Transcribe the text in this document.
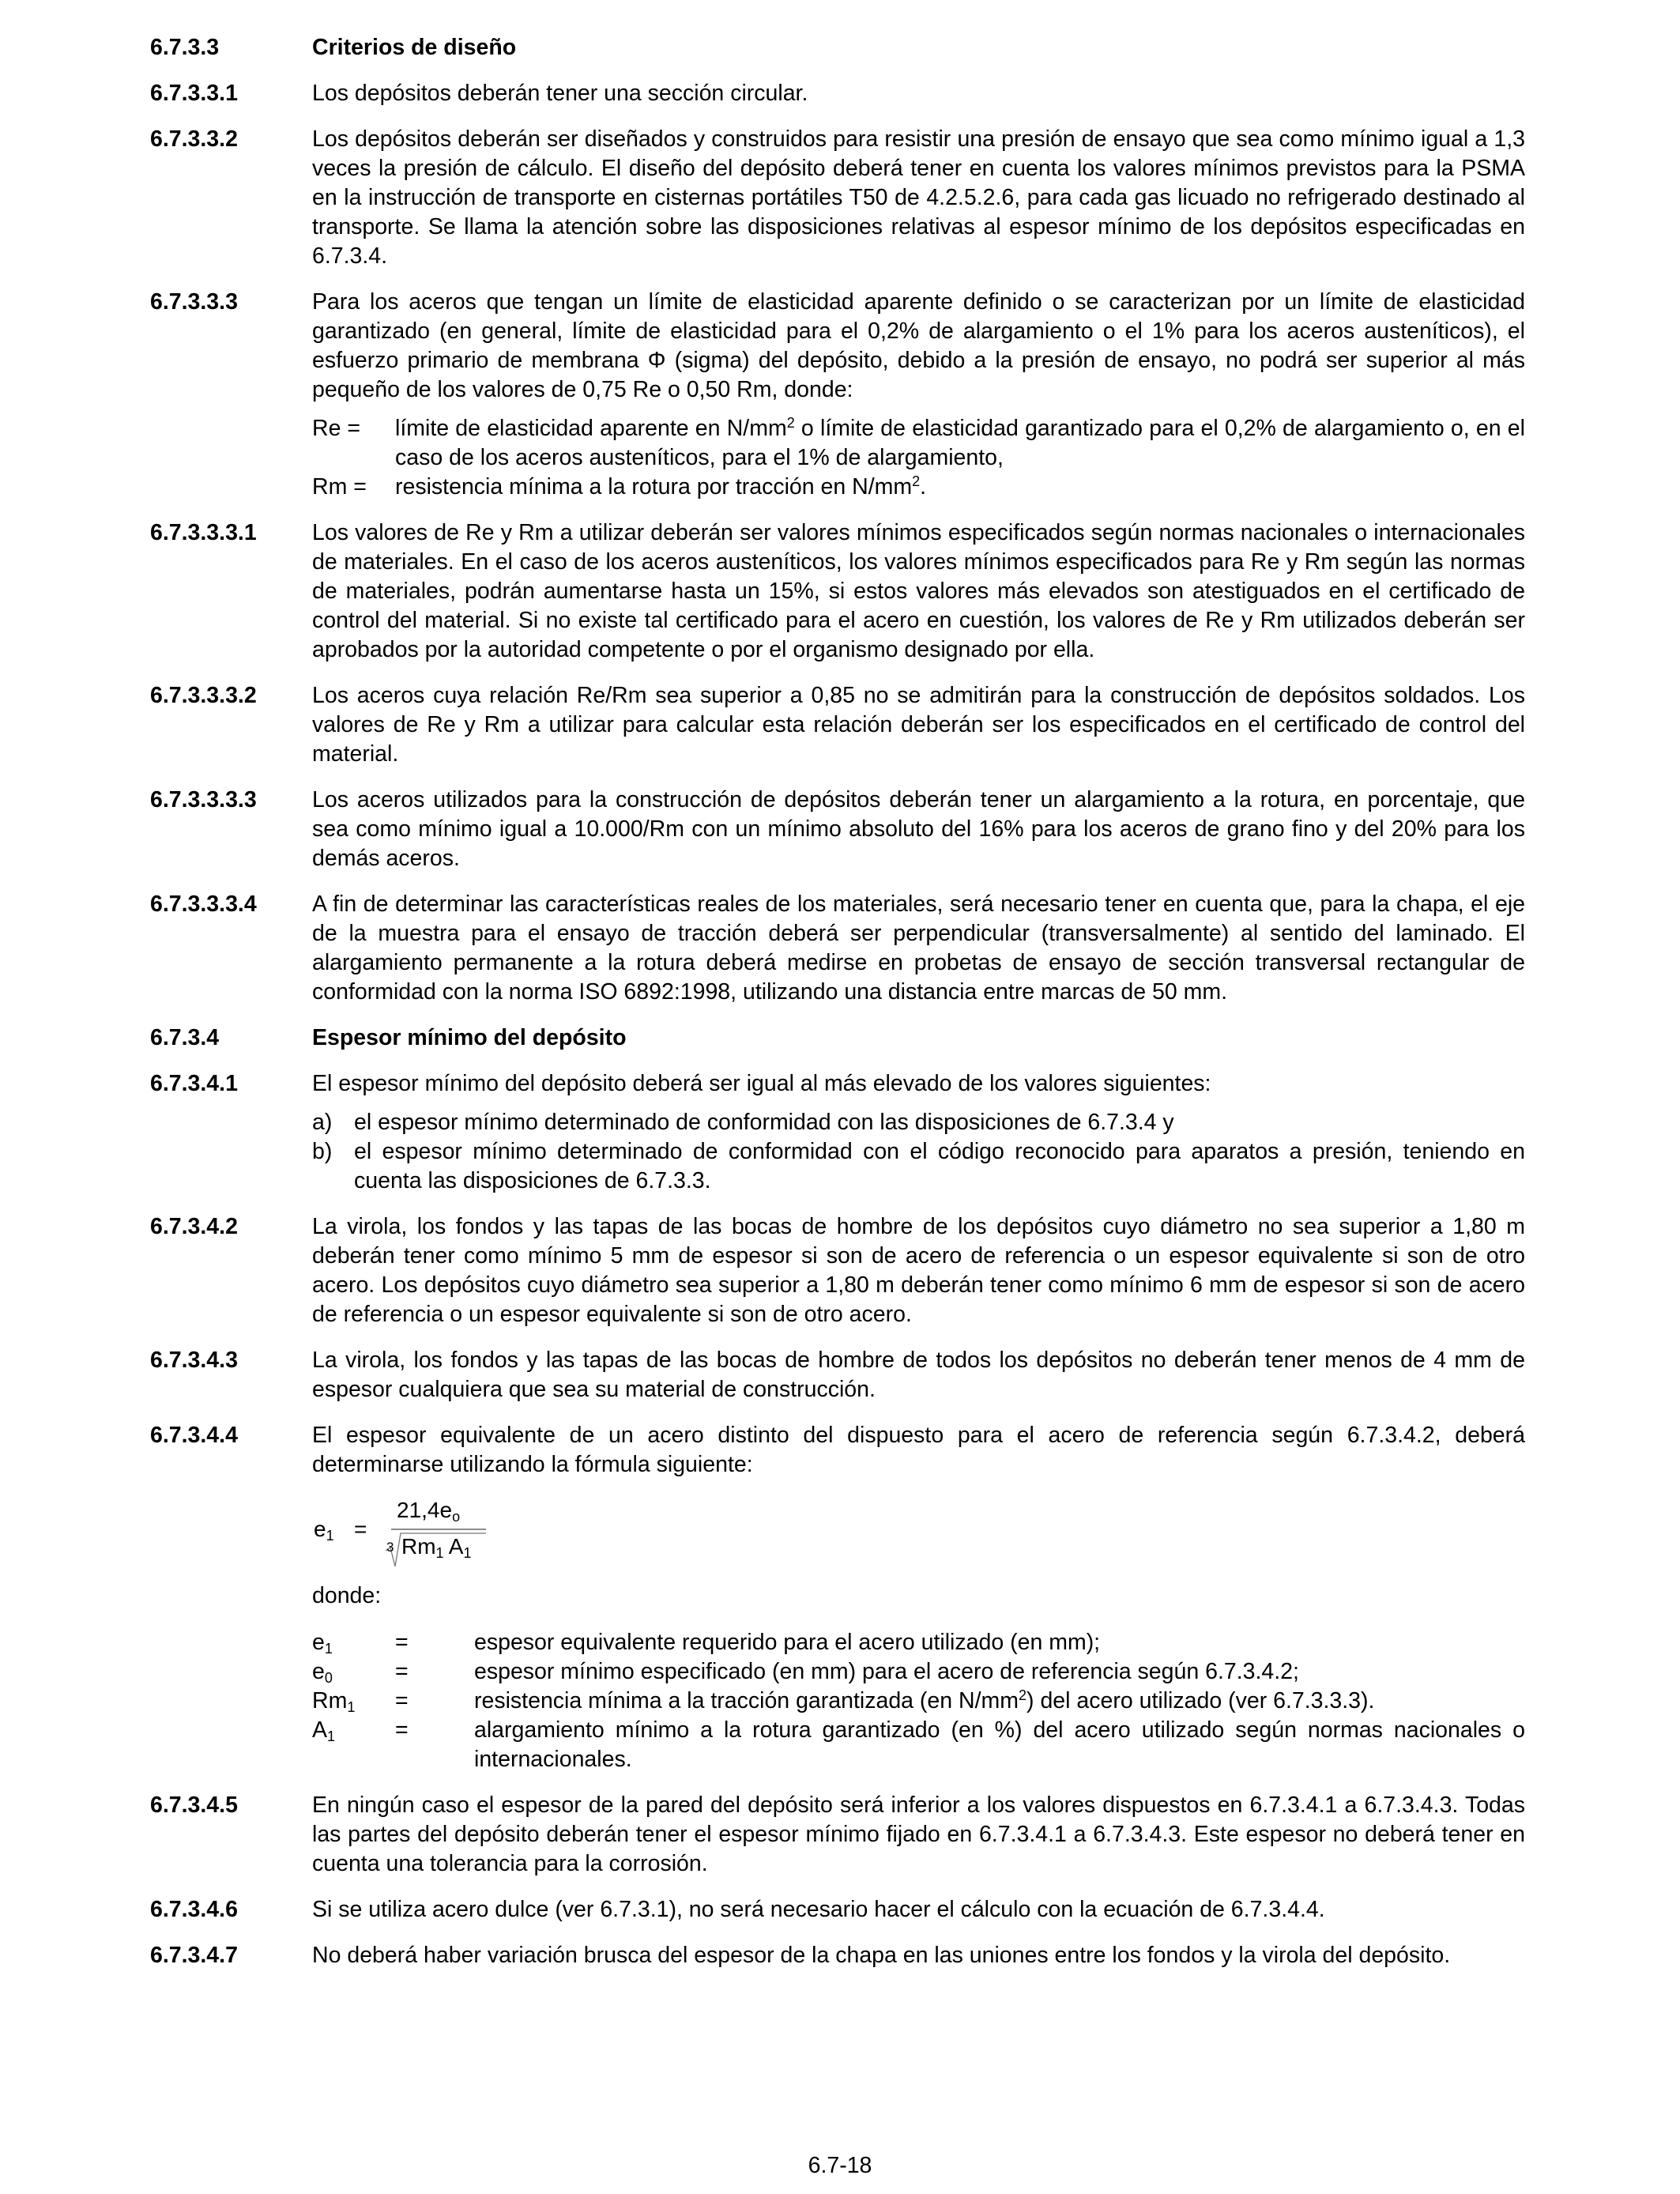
6.7.3.3	Criterios de diseño
6.7.3.3.1	Los depósitos deberán tener una sección circular.
6.7.3.3.2	Los depósitos deberán ser diseñados y construidos para resistir una presión de ensayo que sea como mínimo igual a 1,3 veces la presión de cálculo. El diseño del depósito deberá tener en cuenta los valores mínimos previstos para la PSMA en la instrucción de transporte en cisternas portátiles T50 de 4.2.5.2.6, para cada gas licuado no refrigerado destinado al transporte. Se llama la atención sobre las disposiciones relativas al espesor mínimo de los depósitos especificadas en 6.7.3.4.
6.7.3.3.3	Para los aceros que tengan un límite de elasticidad aparente definido o se caracterizan por un límite de elasticidad garantizado (en general, límite de elasticidad para el 0,2% de alargamiento o el 1% para los aceros austeníticos), el esfuerzo primario de membrana Φ (sigma) del depósito, debido a la presión de ensayo, no podrá ser superior al más pequeño de los valores de 0,75 Re o 0,50 Rm, donde:

Re =	límite de elasticidad aparente en $N/mm^2$ o límite de elasticidad garantizado para el 0,2% de alargamiento o, en el caso de los aceros austeníticos, para el 1% de alargamiento,
Rm =	resistencia mínima a la rotura por tracción en $N/mm^2$.
6.7.3.3.3.1	Los valores de Re y Rm a utilizar deberán ser valores mínimos especificados según normas nacionales o internacionales de materiales. En el caso de los aceros austeníticos, los valores mínimos especificados para Re y Rm según las normas de materiales, podrán aumentarse hasta un 15%, si estos valores más elevados son atestiguados en el certificado de control del material. Si no existe tal certificado para el acero en cuestión, los valores de Re y Rm utilizados deberán ser aprobados por la autoridad competente o por el organismo designado por ella.
6.7.3.3.3.2	Los aceros cuya relación Re/Rm sea superior a 0,85 no se admitirán para la construcción de depósitos soldados. Los valores de Re y Rm a utilizar para calcular esta relación deberán ser los especificados en el certificado de control del material.
6.7.3.3.3.3	Los aceros utilizados para la construcción de depósitos deberán tener un alargamiento a la rotura, en porcentaje, que sea como mínimo igual a 10.000/Rm con un mínimo absoluto del 16% para los aceros de grano fino y del 20% para los demás aceros.
6.7.3.3.3.4	A fin de determinar las características reales de los materiales, será necesario tener en cuenta que, para la chapa, el eje de la muestra para el ensayo de tracción deberá ser perpendicular (transversalmente) al sentido del laminado. El alargamiento permanente a la rotura deberá medirse en probetas de ensayo de sección transversal rectangular de conformidad con la norma ISO 6892:1998, utilizando una distancia entre marcas de 50 mm.
6.7.3.4	Espesor mínimo del depósito
6.7.3.4.1	El espesor mínimo del depósito deberá ser igual al más elevado de los valores siguientes:

a) el espesor mínimo determinado de conformidad con las disposiciones de 6.7.3.4 y
b) el espesor mínimo determinado de conformidad con el código reconocido para aparatos a presión, teniendo en cuenta las disposiciones de 6.7.3.3.
6.7.3.4.2	La virola, los fondos y las tapas de las bocas de hombre de los depósitos cuyo diámetro no sea superior a 1,80 m deberán tener como mínimo 5 mm de espesor si son de acero de referencia o un espesor equivalente si son de otro acero. Los depósitos cuyo diámetro sea superior a 1,80 m deberán tener como mínimo 6 mm de espesor si son de acero de referencia o un espesor equivalente si son de otro acero.
6.7.3.4.3	La virola, los fondos y las tapas de las bocas de hombre de todos los depósitos no deberán tener menos de 4 mm de espesor cualquiera que sea su material de construcción.
6.7.3.4.4	El espesor equivalente de un acero distinto del dispuesto para el acero de referencia según 6.7.3.4.2, deberá determinarse utilizando la fórmula siguiente:

$e_1$ =
$21,4e_o$
3 $Rm_1$ $A_1$
donde:
$e_1$	=	espesor equivalente requerido para el acero utilizado (en mm);
$e_0$	=	espesor mínimo especificado (en mm) para el acero de referencia según 6.7.3.4.2;
$Rm_1$	=	resistencia mínima a la tracción garantizada (en $N/mm^2$) del acero utilizado (ver 6.7.3.3.3).
$A_1$	=	alargamiento mínimo a la rotura garantizado (en %) del acero utilizado según normas nacionales o internacionales.
6.7.3.4.5	En ningún caso el espesor de la pared del depósito será inferior a los valores dispuestos en 6.7.3.4.1 a 6.7.3.4.3. Todas las partes del depósito deberán tener el espesor mínimo fijado en 6.7.3.4.1 a 6.7.3.4.3. Este espesor no deberá tener en cuenta una tolerancia para la corrosión.
6.7.3.4.6	Si se utiliza acero dulce (ver 6.7.3.1), no será necesario hacer el cálculo con la ecuación de 6.7.3.4.4.
6.7.3.4.7	No deberá haber variación brusca del espesor de la chapa en las uniones entre los fondos y la virola del depósito.
6.7-18
